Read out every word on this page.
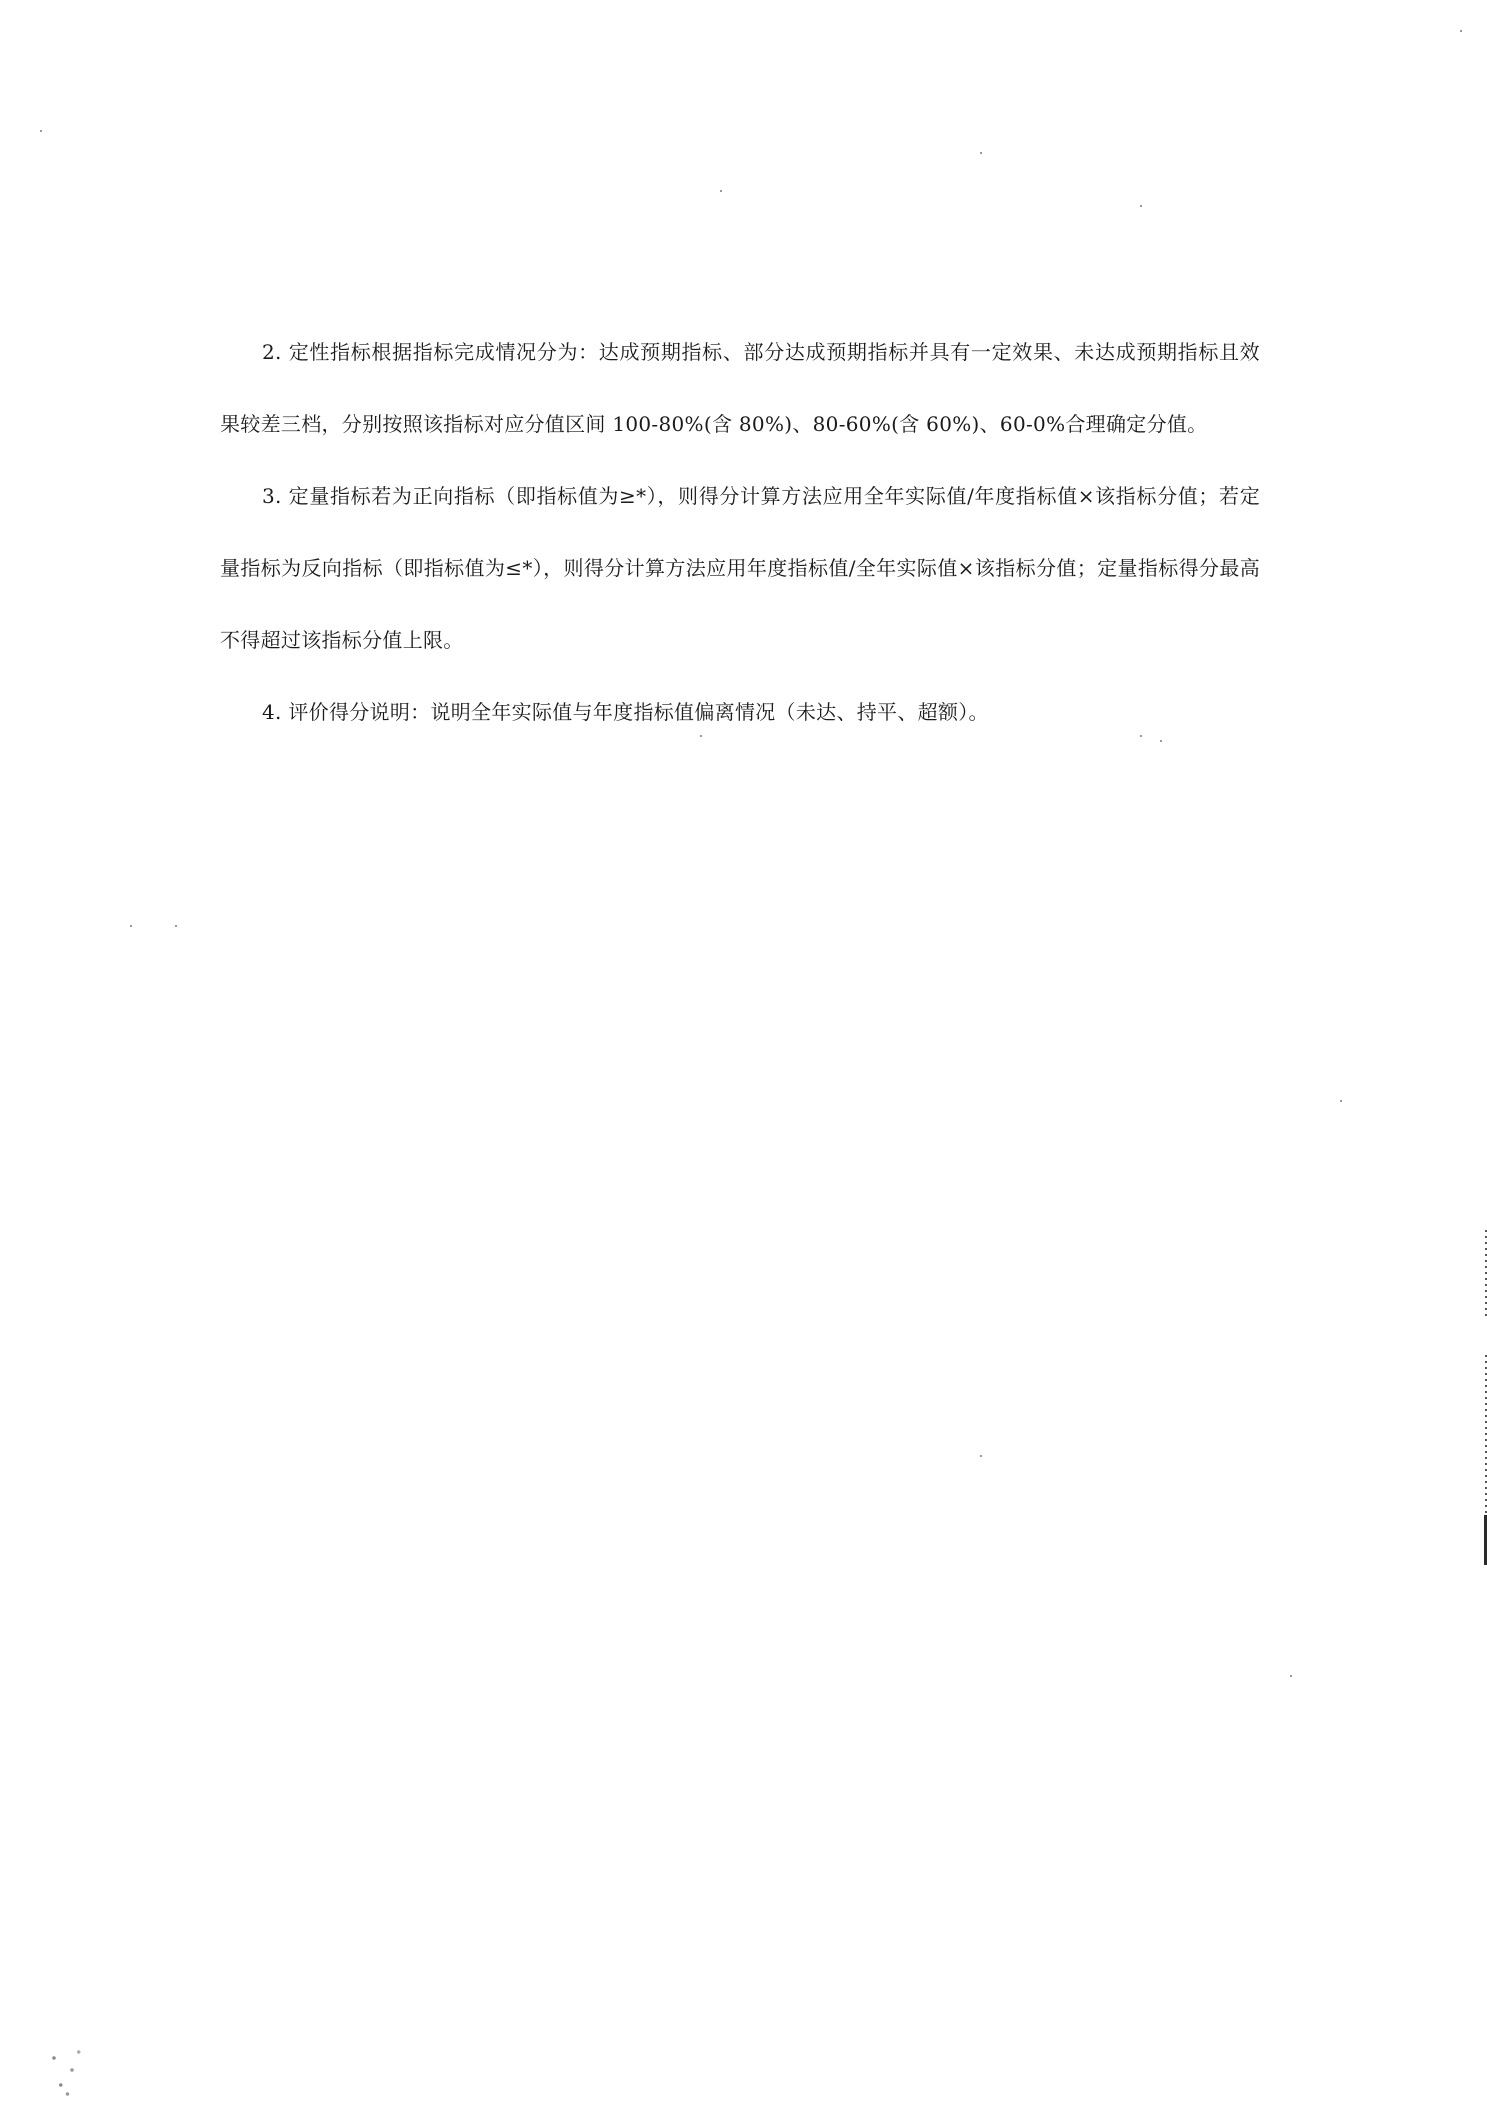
2. 定性指标根据指标完成情况分为：达成预期指标、部分达成预期指标并具有一定效果、未达成预期指标且效果较差三档，分别按照该指标对应分值区间 100-80%(含 80%)、80-60%(含 60%)、60-0%合理确定分值。

3. 定量指标若为正向指标（即指标值为≥*），则得分计算方法应用全年实际值/年度指标值×该指标分值；若定量指标为反向指标（即指标值为≤*），则得分计算方法应用年度指标值/全年实际值×该指标分值；定量指标得分最高不得超过该指标分值上限。

4. 评价得分说明：说明全年实际值与年度指标值偏离情况（未达、持平、超额）。
